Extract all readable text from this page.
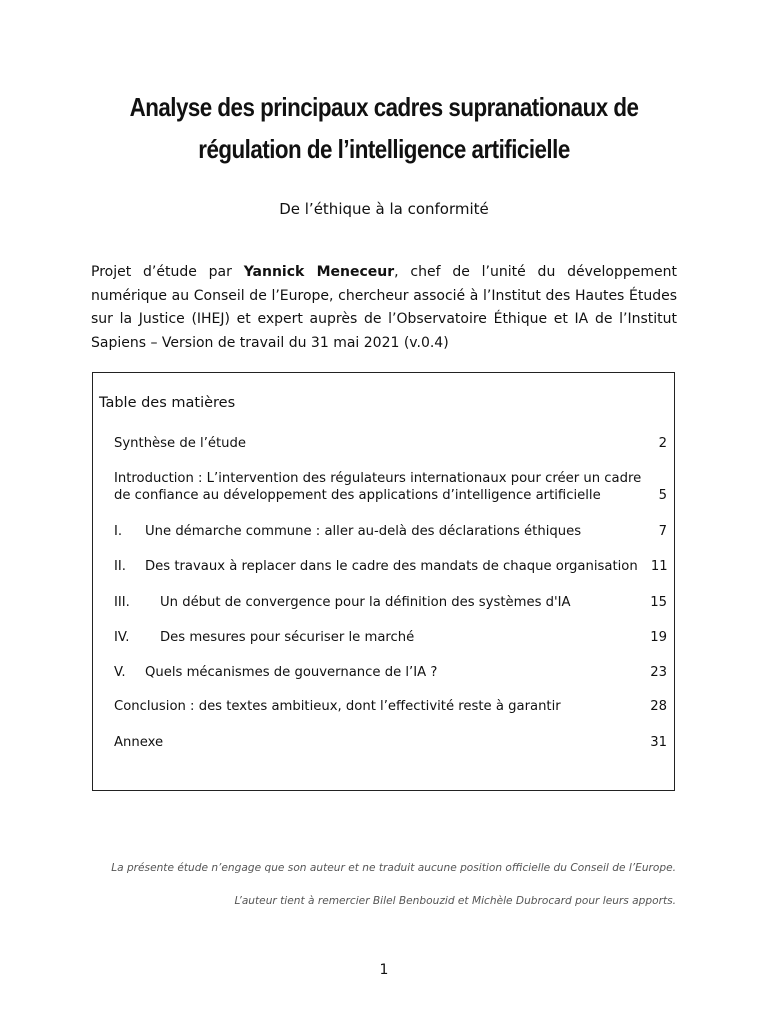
Analyse des principaux cadres supranationaux de
régulation de l’intelligence artificielle
De l’éthique à la conformité

Projet d’étude par Yannick Meneceur, chef de l’unité du développement numérique au Conseil de l’Europe, chercheur associé à l’Institut des Hautes Études sur la Justice (IHEJ) et expert auprès de l’Observatoire Éthique et IA de l’Institut Sapiens – Version de travail du 31 mai 2021 (v.0.4)

Table des matières

Synthèse de l’étude	2
Introduction : L’intervention des régulateurs internationaux pour créer un cadre de confiance au développement des applications d’intelligence artificielle	5
I. Une démarche commune : aller au-delà des déclarations éthiques	7
II. Des travaux à replacer dans le cadre des mandats de chaque organisation	11
III. Un début de convergence pour la définition des systèmes d'IA	15
IV. Des mesures pour sécuriser le marché	19
V. Quels mécanismes de gouvernance de l’IA ?	23
Conclusion : des textes ambitieux, dont l’effectivité reste à garantir	28
Annexe	31

La présente étude n’engage que son auteur et ne traduit aucune position officielle du Conseil de l’Europe.

L’auteur tient à remercier Bilel Benbouzid et Michèle Dubrocard pour leurs apports.

1
